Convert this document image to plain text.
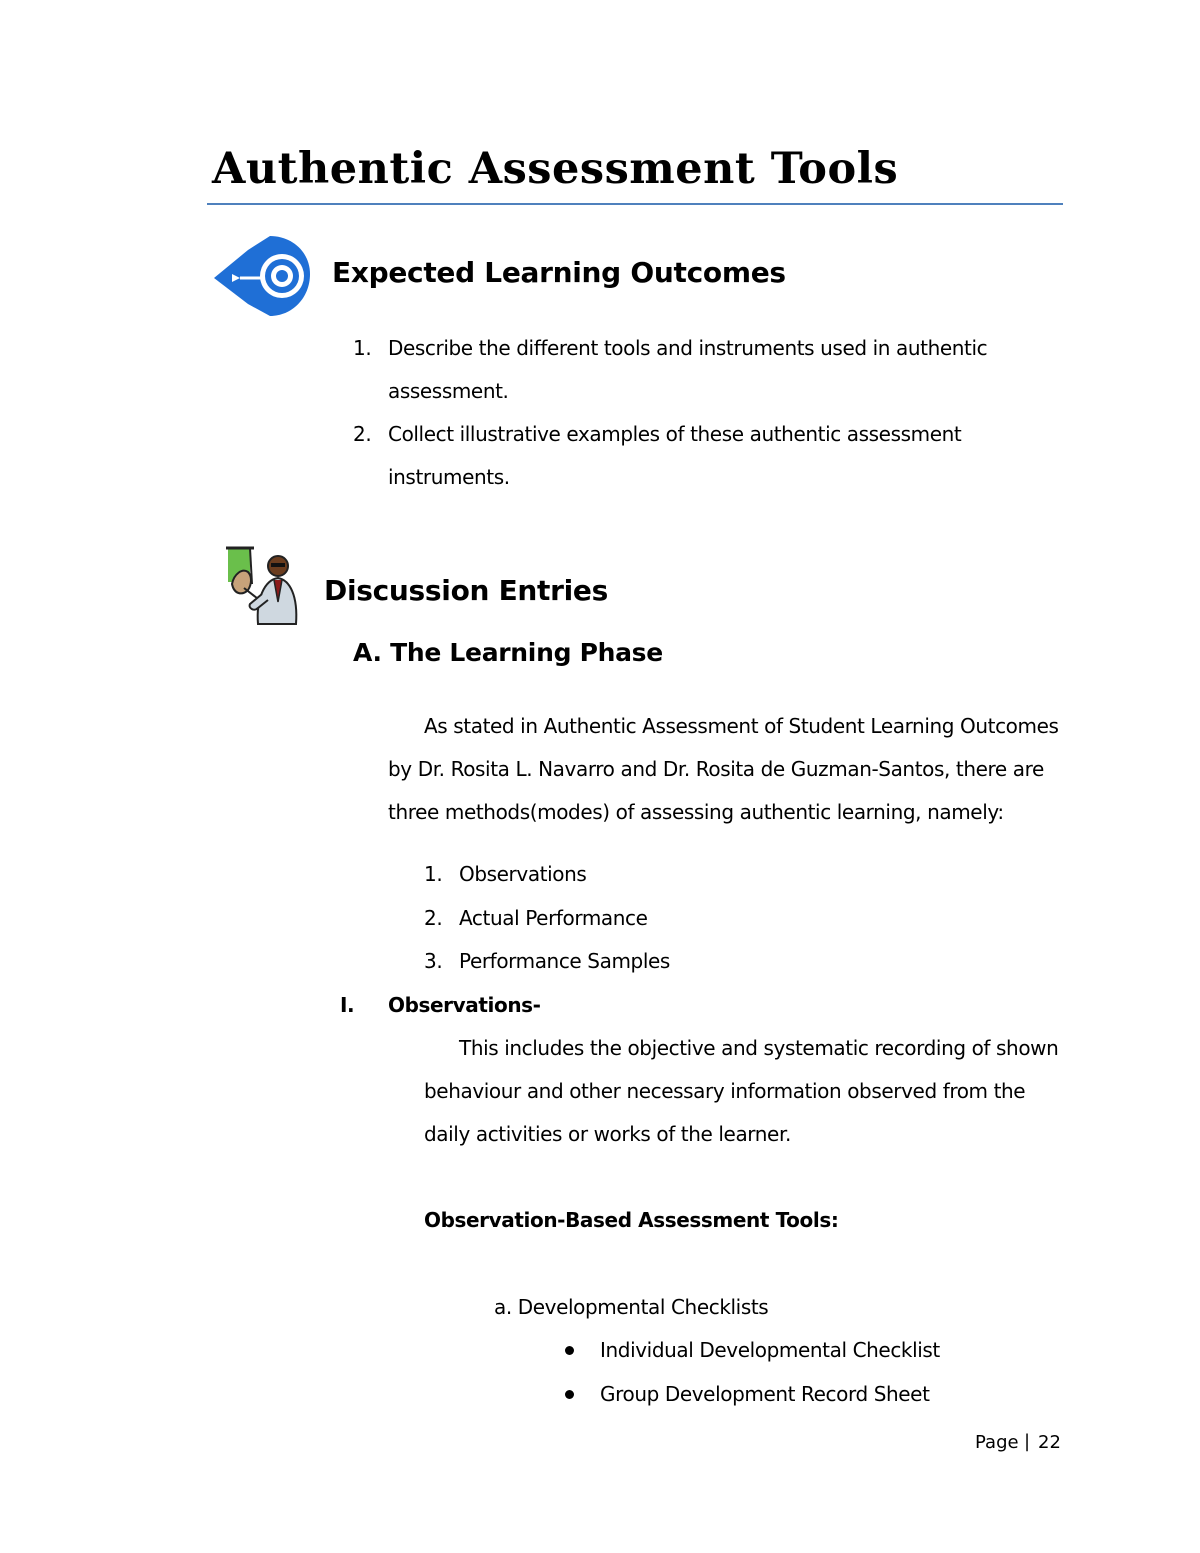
Authentic Assessment Tools
Expected Learning Outcomes
1. Describe the different tools and instruments used in authentic
assessment.
2. Collect illustrative examples of these authentic assessment
instruments.
Discussion Entries
A. The Learning Phase
As stated in Authentic Assessment of Student Learning Outcomes
by Dr. Rosita L. Navarro and Dr. Rosita de Guzman-Santos, there are
three methods(modes) of assessing authentic learning, namely:
1. Observations
2. Actual Performance
3. Performance Samples
I. Observations-
This includes the objective and systematic recording of shown
behaviour and other necessary information observed from the
daily activities or works of the learner.
Observation-Based Assessment Tools:
a. Developmental Checklists
Individual Developmental Checklist
Group Development Record Sheet
Page | 22
